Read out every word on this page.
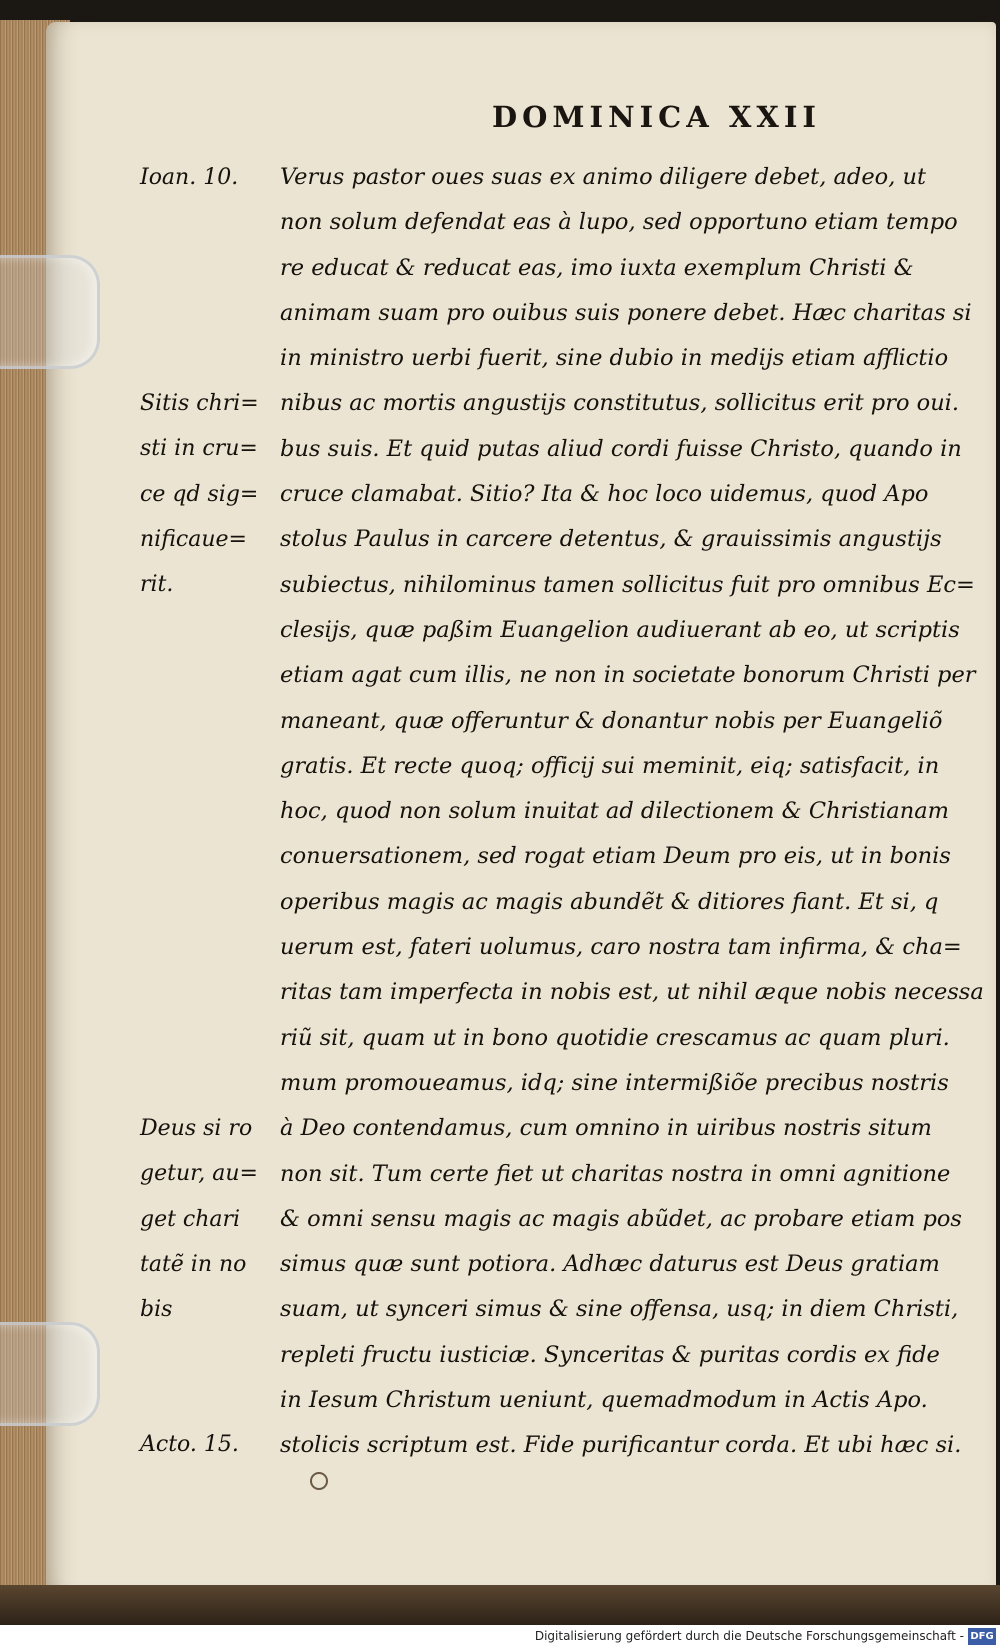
DOMINICA XXII
Ioan. 10.
Sitis chri=
sti in cru=
ce qd sig=
nificaue=
rit.
Deus si ro
getur, au=
get chari
tatẽ in no
bis
Acto. 15.
Verus pastor oues suas ex animo diligere debet, adeo, ut
non solum defendat eas à lupo, sed opportuno etiam tempo
re educat & reducat eas, imo iuxta exemplum Christi &
animam suam pro ouibus suis ponere debet. Hæc charitas si
in ministro uerbi fuerit, sine dubio in medijs etiam afflictio
nibus ac mortis angustijs constitutus, sollicitus erit pro oui.
bus suis. Et quid putas aliud cordi fuisse Christo, quando in
cruce clamabat. Sitio? Ita & hoc loco uidemus, quod Apo
stolus Paulus in carcere detentus, & grauissimis angustijs
subiectus, nihilominus tamen sollicitus fuit pro omnibus Ec=
clesijs, quæ paßim Euangelion audiuerant ab eo, ut scriptis
etiam agat cum illis, ne non in societate bonorum Christi per
maneant, quæ offeruntur & donantur nobis per Euangeliõ
gratis. Et recte quoq; officij sui meminit, eiq; satisfacit, in
hoc, quod non solum inuitat ad dilectionem & Christianam
conuersationem, sed rogat etiam Deum pro eis, ut in bonis
operibus magis ac magis abundẽt & ditiores fiant. Et si, q
uerum est, fateri uolumus, caro nostra tam infirma, & cha=
ritas tam imperfecta in nobis est, ut nihil æque nobis necessa
riũ sit, quam ut in bono quotidie crescamus ac quam pluri.
mum promoueamus, idq; sine intermißiõe precibus nostris
à Deo contendamus, cum omnino in uiribus nostris situm
non sit. Tum certe fiet ut charitas nostra in omni agnitione
& omni sensu magis ac magis abũdet, ac probare etiam pos
simus quæ sunt potiora. Adhæc daturus est Deus gratiam
suam, ut synceri simus & sine offensa, usq; in diem Christi,
repleti fructu iusticiæ. Synceritas & puritas cordis ex fide
in Iesum Christum ueniunt, quemadmodum in Actis Apo.
stolicis scriptum est. Fide purificantur corda. Et ubi hæc si.
Digitalisierung gefördert durch die Deutsche Forschungsgemeinschaft - DFG
